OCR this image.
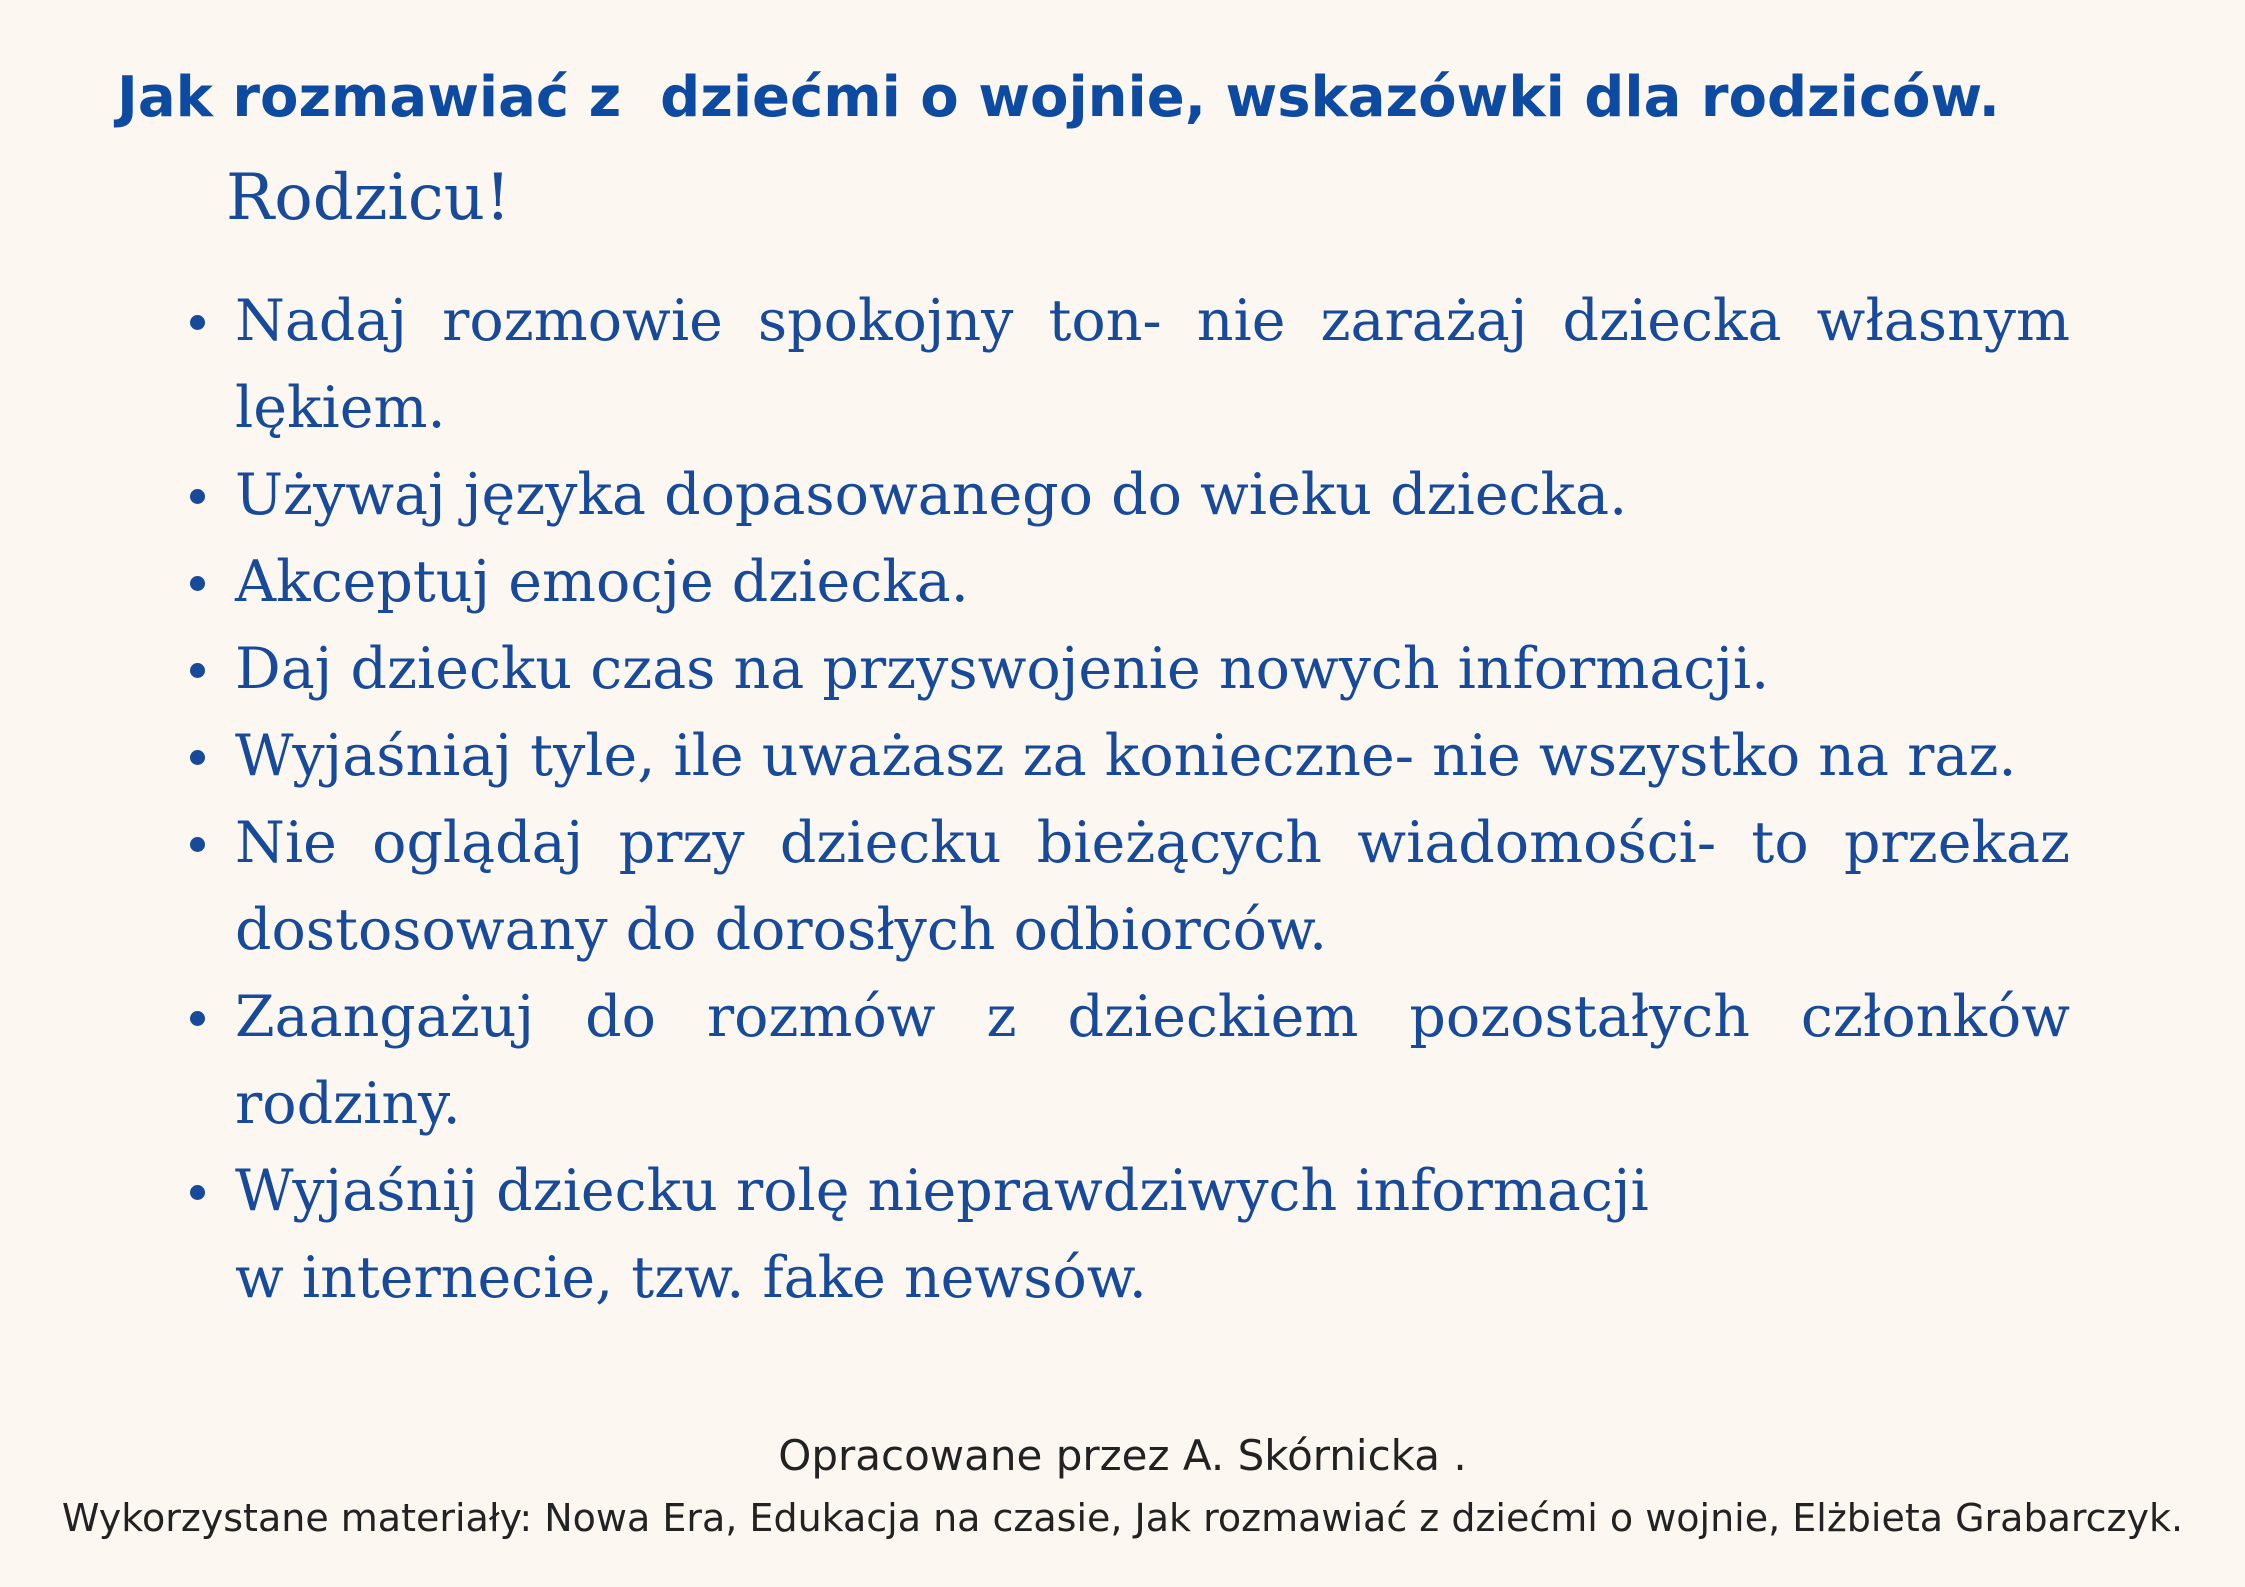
Jak rozmawiać z  dziećmi o wojnie, wskazówki dla rodziców.

Rodzicu!

Nadaj rozmowie spokojny ton- nie zarażaj dziecka własnym lękiem.
Używaj języka dopasowanego do wieku dziecka.
Akceptuj emocje dziecka.
Daj dziecku czas na przyswojenie nowych informacji.
Wyjaśniaj tyle, ile uważasz za konieczne- nie wszystko na raz.
Nie oglądaj przy dziecku bieżących wiadomości- to przekaz dostosowany do dorosłych odbiorców.
Zaangażuj do rozmów z dzieckiem pozostałych członków rodziny.
Wyjaśnij dziecku rolę nieprawdziwych informacji
w internecie, tzw. fake newsów.

Opracowane przez A. Skórnicka .

Wykorzystane materiały: Nowa Era, Edukacja na czasie, Jak rozmawiać z dziećmi o wojnie, Elżbieta Grabarczyk.
